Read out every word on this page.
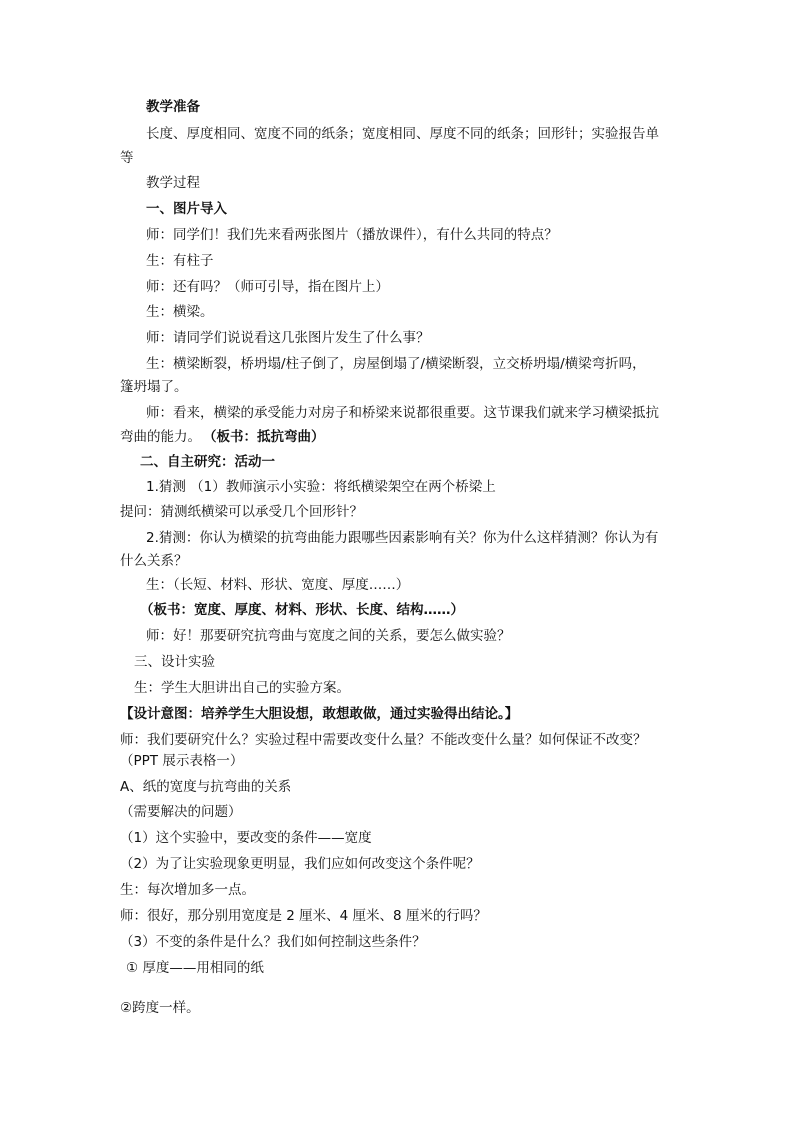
教学准备
长度、厚度相同、宽度不同的纸条；宽度相同、厚度不同的纸条；回形针；实验报告单
等
教学过程
一、图片导入
师：同学们！我们先来看两张图片（播放课件），有什么共同的特点？
生：有柱子
师：还有吗？（师可引导，指在图片上）
生：横梁。
师：请同学们说说看这几张图片发生了什么事？
生：横梁断裂，桥坍塌/柱子倒了，房屋倒塌了/横梁断裂，立交桥坍塌/横梁弯折吗，
篷坍塌了。
师：看来，横梁的承受能力对房子和桥梁来说都很重要。这节课我们就来学习横梁抵抗
弯曲的能力。 （板书：抵抗弯曲）
二、自主研究：活动一
1.猜测 （1）教师演示小实验：将纸横梁架空在两个桥梁上
提问：猜测纸横梁可以承受几个回形针？
2.猜测：你认为横梁的抗弯曲能力跟哪些因素影响有关？你为什么这样猜测？你认为有
什么关系？
生：（长短、材料、形状、宽度、厚度……）
（板书：宽度、厚度、材料、形状、长度、结构……）
师：好！那要研究抗弯曲与宽度之间的关系，要怎么做实验？
三、设计实验
生：学生大胆讲出自己的实验方案。
【设计意图：培养学生大胆设想，敢想敢做，通过实验得出结论。】
师：我们要研究什么？实验过程中需要改变什么量？不能改变什么量？如何保证不改变？
（PPT 展示表格一）
A、纸的宽度与抗弯曲的关系
（需要解决的问题）
（1）这个实验中，要改变的条件——宽度
（2）为了让实验现象更明显，我们应如何改变这个条件呢？
生：每次增加多一点。
师：很好，那分别用宽度是 2 厘米、4 厘米、8 厘米的行吗？
（3）不变的条件是什么？我们如何控制这些条件？
① 厚度——用相同的纸
②跨度一样。
